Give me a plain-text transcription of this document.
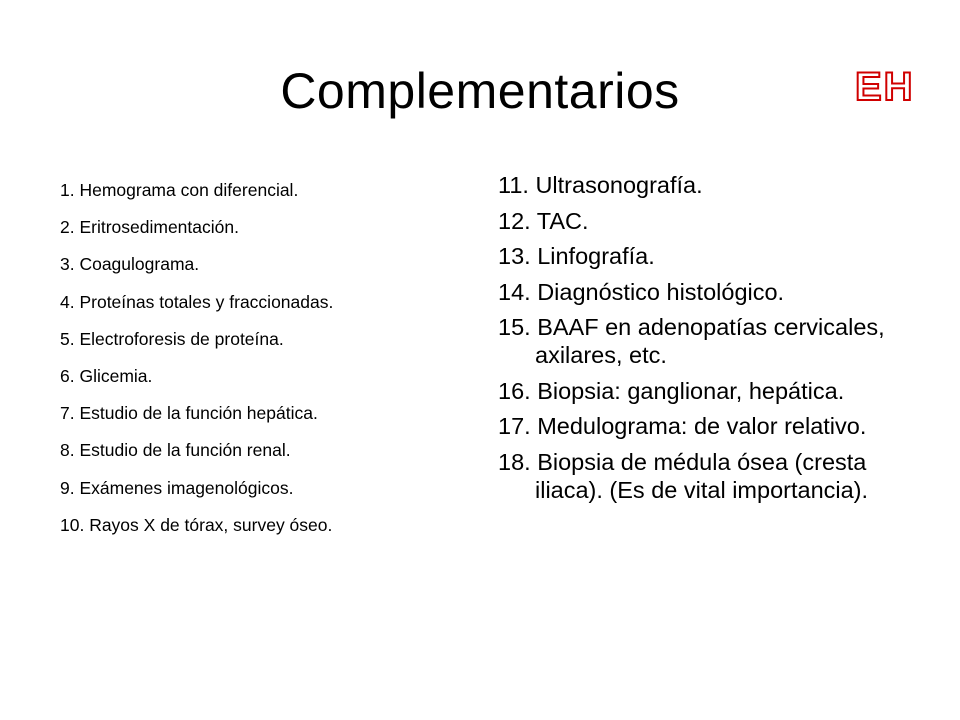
Complementarios	EH
1. Hemograma con diferencial.
2. Eritrosedimentación.
3. Coagulograma.
4. Proteínas totales y fraccionadas.
5. Electroforesis de proteína.
6. Glicemia.
7. Estudio de la función hepática.
8. Estudio de la función renal.
9. Exámenes imagenológicos.
10. Rayos X de tórax, survey óseo.
11. Ultrasonografía.
12. TAC.
13. Linfografía.
14. Diagnóstico histológico.
15. BAAF en adenopatías cervicales, axilares, etc.
16. Biopsia: ganglionar, hepática.
17. Medulograma: de valor relativo.
18. Biopsia de médula ósea (cresta iliaca). (Es de vital importancia).
